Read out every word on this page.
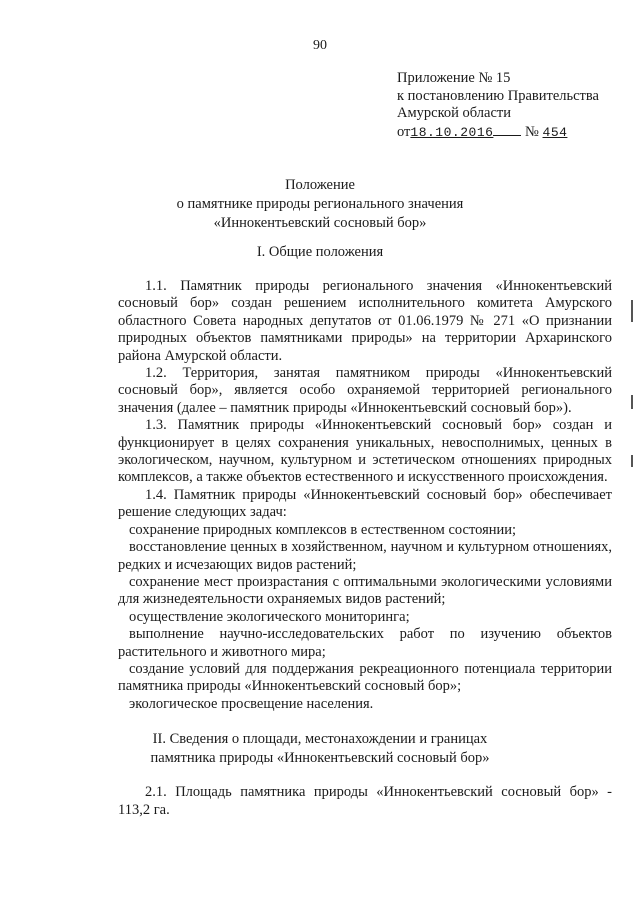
90
Приложение № 15
к постановлению Правительства
Амурской области
от18.10.2016 № 454
Положение
о памятнике природы регионального значения
«Иннокентьевский сосновый бор»
I. Общие положения

1.1. Памятник природы регионального значения «Иннокентьевский сосновый бор» создан решением исполнительного комитета Амурского областного Совета народных депутатов от 01.06.1979 № 271 «О признании природных объектов памятниками природы» на территории Архаринского района Амурской области.

1.2. Территория, занятая памятником природы «Иннокентьевский сосновый бор», является особо охраняемой территорией регионального значения (далее – памятник природы «Иннокентьевский сосновый бор»).

1.3. Памятник природы «Иннокентьевский сосновый бор» создан и функционирует в целях сохранения уникальных, невосполнимых, ценных в экологическом, научном, культурном и эстетическом отношениях природных комплексов, а также объектов естественного и искусственного происхождения.

1.4. Памятник природы «Иннокентьевский сосновый бор» обеспечивает решение следующих задач:

сохранение природных комплексов в естественном состоянии;

восстановление ценных в хозяйственном, научном и культурном отношениях, редких и исчезающих видов растений;

сохранение мест произрастания с оптимальными экологическими условиями для жизнедеятельности охраняемых видов растений;

осуществление экологического мониторинга;

выполнение научно-исследовательских работ по изучению объектов растительного и животного мира;

создание условий для поддержания рекреационного потенциала территории памятника природы «Иннокентьевский сосновый бор»;

экологическое просвещение населения.

II. Сведения о площади, местонахождении и границах
памятника природы «Иннокентьевский сосновый бор»

2.1. Площадь памятника природы «Иннокентьевский сосновый бор» - 113,2 га.
